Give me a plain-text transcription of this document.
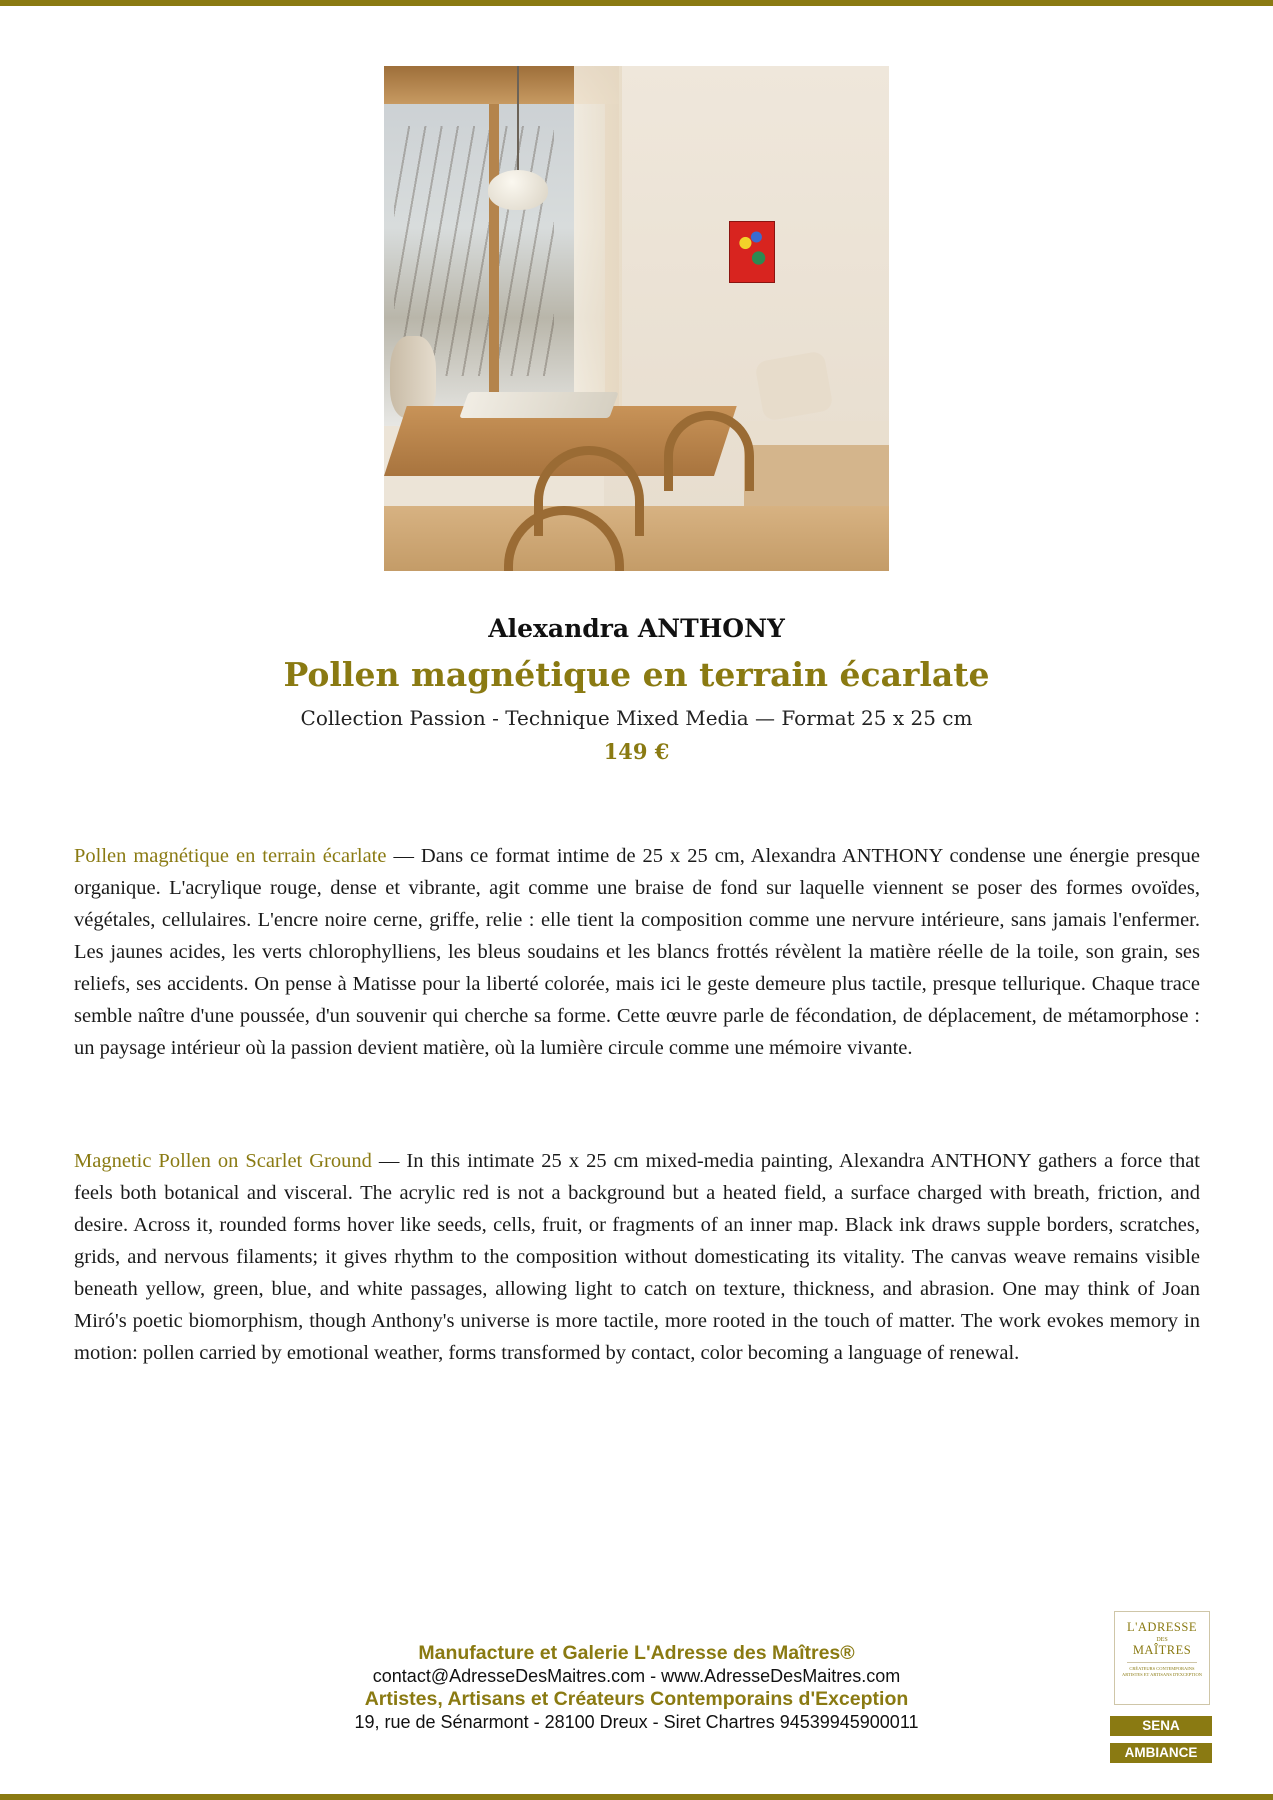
Alexandra ANTHONY
Pollen magnétique en terrain écarlate
Collection Passion - Technique Mixed Media — Format 25 x 25 cm
149 €

Pollen magnétique en terrain écarlate — Dans ce format intime de 25 x 25 cm, Alexandra ANTHONY condense une énergie presque organique. L'acrylique rouge, dense et vibrante, agit comme une braise de fond sur laquelle viennent se poser des formes ovoïdes, végétales, cellulaires. L'encre noire cerne, griffe, relie : elle tient la composition comme une nervure intérieure, sans jamais l'enfermer. Les jaunes acides, les verts chlorophylliens, les bleus soudains et les blancs frottés révèlent la matière réelle de la toile, son grain, ses reliefs, ses accidents. On pense à Matisse pour la liberté colorée, mais ici le geste demeure plus tactile, presque tellurique. Chaque trace semble naître d'une poussée, d'un souvenir qui cherche sa forme. Cette œuvre parle de fécondation, de déplacement, de métamorphose : un paysage intérieur où la passion devient matière, où la lumière circule comme une mémoire vivante.

Magnetic Pollen on Scarlet Ground — In this intimate 25 x 25 cm mixed-media painting, Alexandra ANTHONY gathers a force that feels both botanical and visceral. The acrylic red is not a background but a heated field, a surface charged with breath, friction, and desire. Across it, rounded forms hover like seeds, cells, fruit, or fragments of an inner map. Black ink draws supple borders, scratches, grids, and nervous filaments; it gives rhythm to the composition without domesticating its vitality. The canvas weave remains visible beneath yellow, green, blue, and white passages, allowing light to catch on texture, thickness, and abrasion. One may think of Joan Miró's poetic biomorphism, though Anthony's universe is more tactile, more rooted in the touch of matter. The work evokes memory in motion: pollen carried by emotional weather, forms transformed by contact, color becoming a language of renewal.

Manufacture et Galerie L'Adresse des Maîtres®
contact@AdresseDesMaitres.com - www.AdresseDesMaitres.com
Artistes, Artisans et Créateurs Contemporains d'Exception
19, rue de Sénarmont - 28100 Dreux - Siret Chartres 94539945900011
L'ADRESSE
DES
MAÎTRES
CRÉATEURS CONTEMPORAINS ARTISTES ET ARTISANS D'EXCEPTION
SENA
AMBIANCE
